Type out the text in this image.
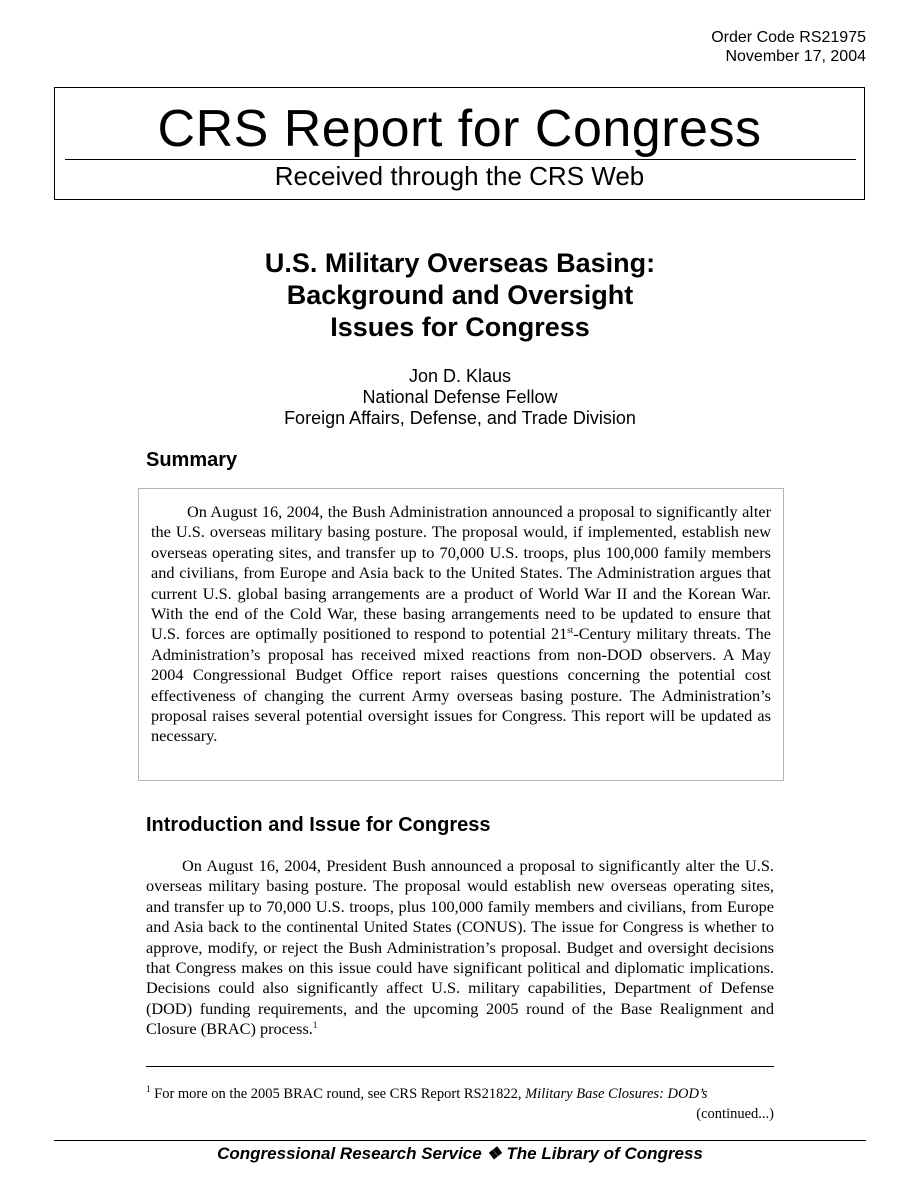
Order Code RS21975
November 17, 2004
CRS Report for Congress
Received through the CRS Web
U.S. Military Overseas Basing:
Background and Oversight
Issues for Congress
Jon D. Klaus
National Defense Fellow
Foreign Affairs, Defense, and Trade Division
Summary

On August 16, 2004, the Bush Administration announced a proposal to significantly alter the U.S. overseas military basing posture. The proposal would, if implemented, establish new overseas operating sites, and transfer up to 70,000 U.S. troops, plus 100,000 family members and civilians, from Europe and Asia back to the United States. The Administration argues that current U.S. global basing arrangements are a product of World War II and the Korean War. With the end of the Cold War, these basing arrangements need to be updated to ensure that U.S. forces are optimally positioned to respond to potential 21st-Century military threats. The Administration’s proposal has received mixed reactions from non-DOD observers. A May 2004 Congressional Budget Office report raises questions concerning the potential cost effectiveness of changing the current Army overseas basing posture. The Administration’s proposal raises several potential oversight issues for Congress. This report will be updated as necessary.

Introduction and Issue for Congress

On August 16, 2004, President Bush announced a proposal to significantly alter the U.S. overseas military basing posture. The proposal would establish new overseas operating sites, and transfer up to 70,000 U.S. troops, plus 100,000 family members and civilians, from Europe and Asia back to the continental United States (CONUS). The issue for Congress is whether to approve, modify, or reject the Bush Administration’s proposal. Budget and oversight decisions that Congress makes on this issue could have significant political and diplomatic implications. Decisions could also significantly affect U.S. military capabilities, Department of Defense (DOD) funding requirements, and the upcoming 2005 round of the Base Realignment and Closure (BRAC) process.$^1$

$^1$ For more on the 2005 BRAC round, see CRS Report RS21822, Military Base Closures: DOD’s
(continued...)
Congressional Research Service ❖ The Library of Congress
